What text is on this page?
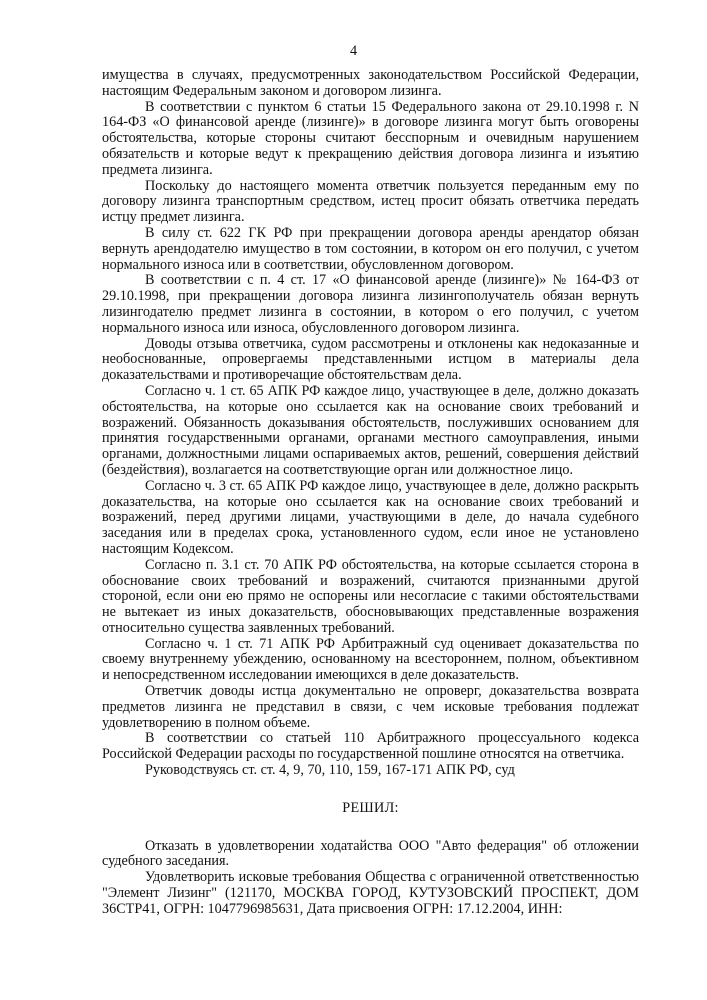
4

имущества в случаях, предусмотренных законодательством Российской Федерации, настоящим Федеральным законом и договором лизинга.

В соответствии с пунктом 6 статьи 15 Федерального закона от 29.10.1998 г. N 164-ФЗ «О финансовой аренде (лизинге)» в договоре лизинга могут быть оговорены обстоятельства, которые стороны считают бесспорным и очевидным нарушением обязательств и которые ведут к прекращению действия договора лизинга и изъятию предмета лизинга.

Поскольку до настоящего момента ответчик пользуется переданным ему по договору лизинга транспортным средством, истец просит обязать ответчика передать истцу предмет лизинга.

В силу ст. 622 ГК РФ при прекращении договора аренды арендатор обязан вернуть арендодателю имущество в том состоянии, в котором он его получил, с учетом нормального износа или в соответствии, обусловленном договором.

В соответствии с п. 4 ст. 17 «О финансовой аренде (лизинге)» № 164-ФЗ от 29.10.1998, при прекращении договора лизинга лизингополучатель обязан вернуть лизингодателю предмет лизинга в состоянии, в котором о его получил, с учетом нормального износа или износа, обусловленного договором лизинга.

Доводы отзыва ответчика, судом рассмотрены и отклонены как недоказанные и необоснованные, опровергаемы представленными истцом в материалы дела доказательствами и противоречащие обстоятельствам дела.

Согласно ч. 1 ст. 65 АПК РФ каждое лицо, участвующее в деле, должно доказать обстоятельства, на которые оно ссылается как на основание своих требований и возражений. Обязанность доказывания обстоятельств, послуживших основанием для принятия государственными органами, органами местного самоуправления, иными органами, должностными лицами оспариваемых актов, решений, совершения действий (бездействия), возлагается на соответствующие орган или должностное лицо.

Согласно ч. 3 ст. 65 АПК РФ каждое лицо, участвующее в деле, должно раскрыть доказательства, на которые оно ссылается как на основание своих требований и возражений, перед другими лицами, участвующими в деле, до начала судебного заседания или в пределах срока, установленного судом, если иное не установлено настоящим Кодексом.

Согласно п. 3.1 ст. 70 АПК РФ обстоятельства, на которые ссылается сторона в обоснование своих требований и возражений, считаются признанными другой стороной, если они ею прямо не оспорены или несогласие с такими обстоятельствами не вытекает из иных доказательств, обосновывающих представленные возражения относительно существа заявленных требований.

Согласно ч. 1 ст. 71 АПК РФ Арбитражный суд оценивает доказательства по своему внутреннему убеждению, основанному на всестороннем, полном, объективном и непосредственном исследовании имеющихся в деле доказательств.

Ответчик доводы истца документально не опроверг, доказательства возврата предметов лизинга не представил в связи, с чем исковые требования подлежат удовлетворению в полном объеме.

В соответствии со статьей 110 Арбитражного процессуального кодекса Российской Федерации расходы по государственной пошлине относятся на ответчика.

Руководствуясь ст. ст. 4, 9, 70, 110, 159, 167-171 АПК РФ, суд

РЕШИЛ:

Отказать в удовлетворении ходатайства ООО "Авто федерация" об отложении судебного заседания.

Удовлетворить исковые требования Общества с ограниченной ответственностью "Элемент Лизинг" (121170, МОСКВА ГОРОД, КУТУЗОВСКИЙ ПРОСПЕКТ, ДОМ 36СТР41, ОГРН: 1047796985631, Дата присвоения ОГРН: 17.12.2004, ИНН:
